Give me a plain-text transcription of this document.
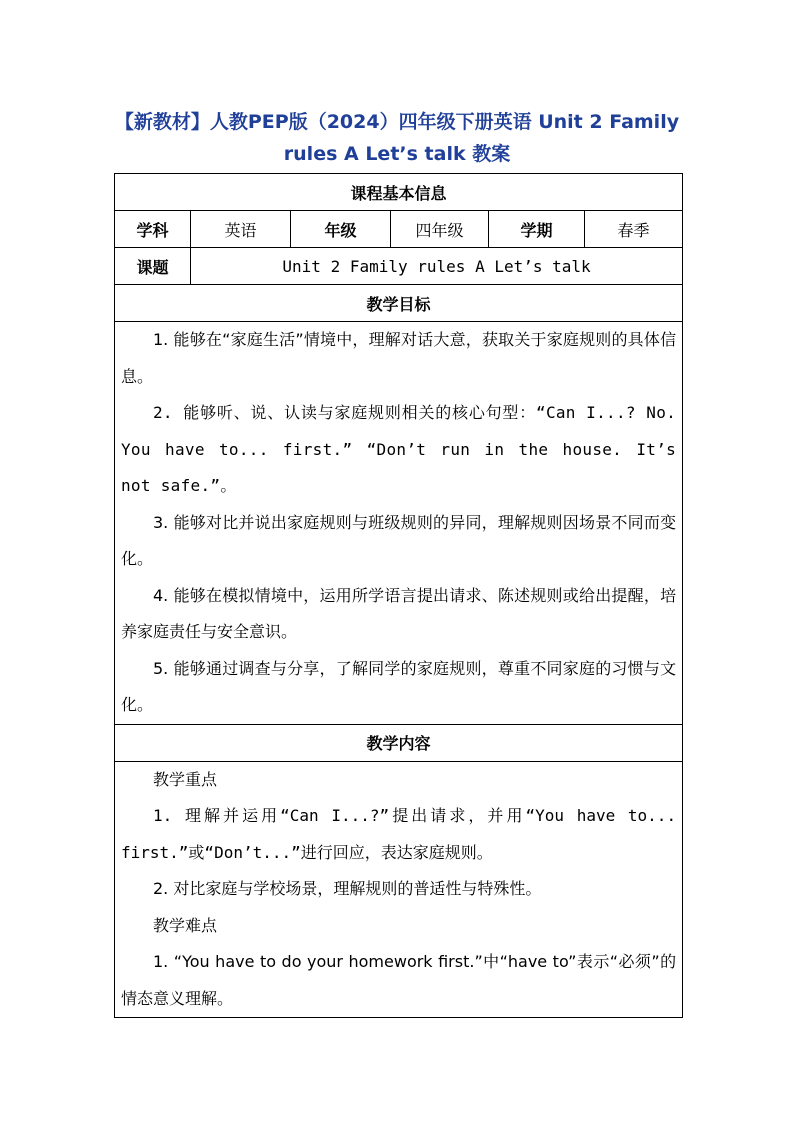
【新教材】人教PEP版（2024）四年级下册英语 Unit 2 Family
rules A Let’s talk 教案
课程基本信息					
学科	英语	年级	四年级	学期	春季
课题	Unit 2 Family rules A Let’s talk				
教学目标					

1. 能够在“家庭生活”情境中，理解对话大意，获取关于家庭规则的具体信息。

2. 能够听、说、认读与家庭规则相关的核心句型：“Can I...? No. You have to... first.” “Don’t run in the house. It’s not safe.”。

3. 能够对比并说出家庭规则与班级规则的异同，理解规则因场景不同而变化。

4. 能够在模拟情境中，运用所学语言提出请求、陈述规则或给出提醒，培养家庭责任与安全意识。

5. 能够通过调查与分享，了解同学的家庭规则，尊重不同家庭的习惯与文化。					

教学内容					

教学重点

1. 理解并运用“Can I...?”提出请求，并用“You have to... first.”或“Don’t...”进行回应，表达家庭规则。

2. 对比家庭与学校场景，理解规则的普适性与特殊性。

教学难点

1. “You have to do your homework first.”中“have to”表示“必须”的情态意义理解。					
